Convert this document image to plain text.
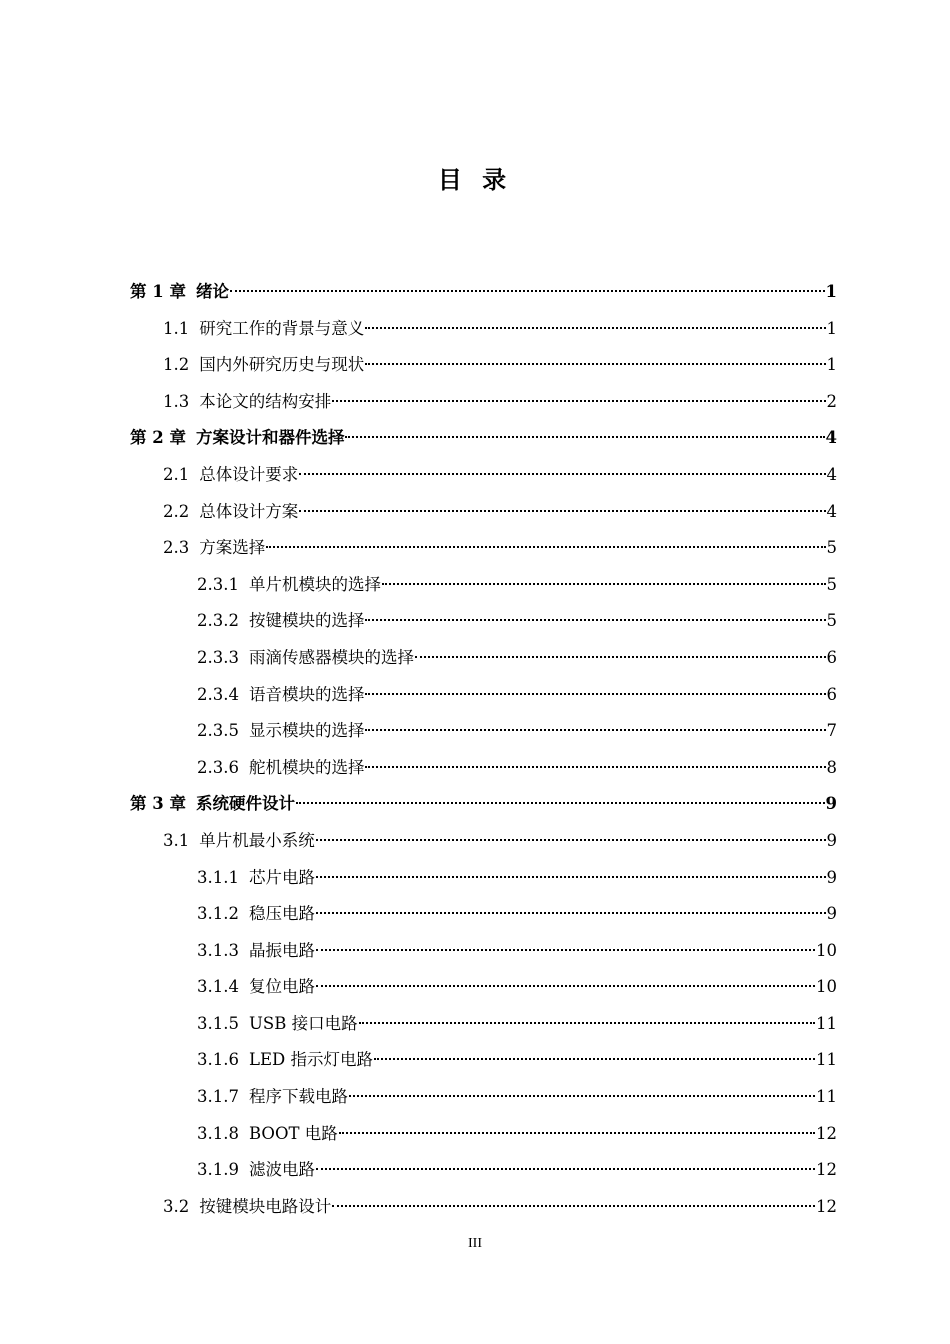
目 录
第 1 章 绪论	1
1.1 研究工作的背景与意义	1
1.2 国内外研究历史与现状	1
1.3 本论文的结构安排	2
第 2 章 方案设计和器件选择	4
2.1 总体设计要求	4
2.2 总体设计方案	4
2.3 方案选择	5
2.3.1 单片机模块的选择	5
2.3.2 按键模块的选择	5
2.3.3 雨滴传感器模块的选择	6
2.3.4 语音模块的选择	6
2.3.5 显示模块的选择	7
2.3.6 舵机模块的选择	8
第 3 章 系统硬件设计	9
3.1 单片机最小系统	9
3.1.1 芯片电路	9
3.1.2 稳压电路	9
3.1.3 晶振电路	10
3.1.4 复位电路	10
3.1.5 USB 接口电路	11
3.1.6 LED 指示灯电路	11
3.1.7 程序下载电路	11
3.1.8 BOOT 电路	12
3.1.9 滤波电路	12
3.2 按键模块电路设计	12
III
